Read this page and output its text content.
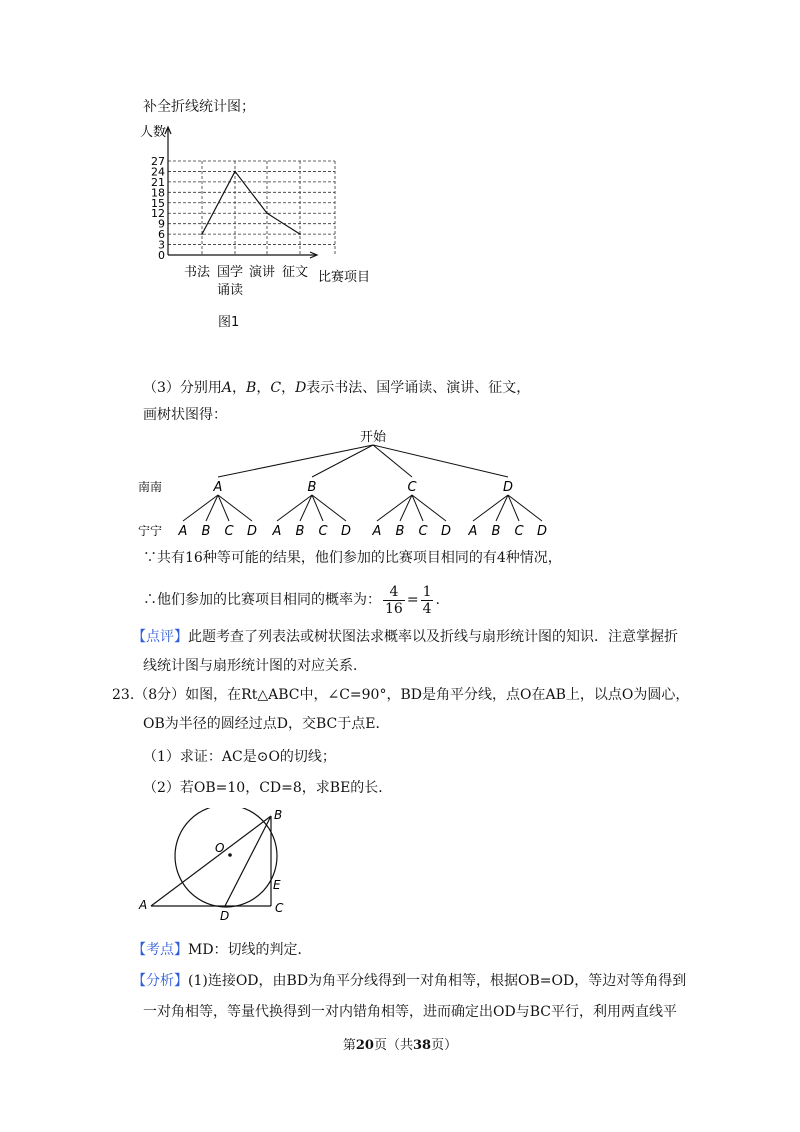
补全折线统计图；
0
3
6
9
12
15
18
21
24
27
书法 国学
诵读
演讲 征文
人数
比赛项目
图1
（3）分别用A，B，C，D表示书法、国学诵读、演讲、征文，
画树状图得：
开始
南南
宁宁
A
A B C D
B
A B C D
C
A B C D
D
A B C D
∵共有16种等可能的结果，他们参加的比赛项目相同的有4种情况，
∴他们参加的比赛项目相同的概率为： $\frac{4}{16} = \frac{1}{4}$ .
【点评】此题考查了列表法或树状图法求概率以及折线与扇形统计图的知识．注意掌握折
线统计图与扇形统计图的对应关系．
23.（8分）如图，在Rt△ABC中，∠C=90°，BD是角平分线，点O在AB上，以点O为圆心，
OB为半径的圆经过点D，交BC于点E．
（1）求证：AC是⊙O的切线；
（2）若OB=10，CD=8，求BE的长．
A
B
C
D
E
O
【考点】MD：切线的判定．
【分析】(1)连接OD，由BD为角平分线得到一对角相等，根据OB=OD，等边对等角得到
一对角相等，等量代换得到一对内错角相等，进而确定出OD与BC平行，利用两直线平
第20页（共38页）
